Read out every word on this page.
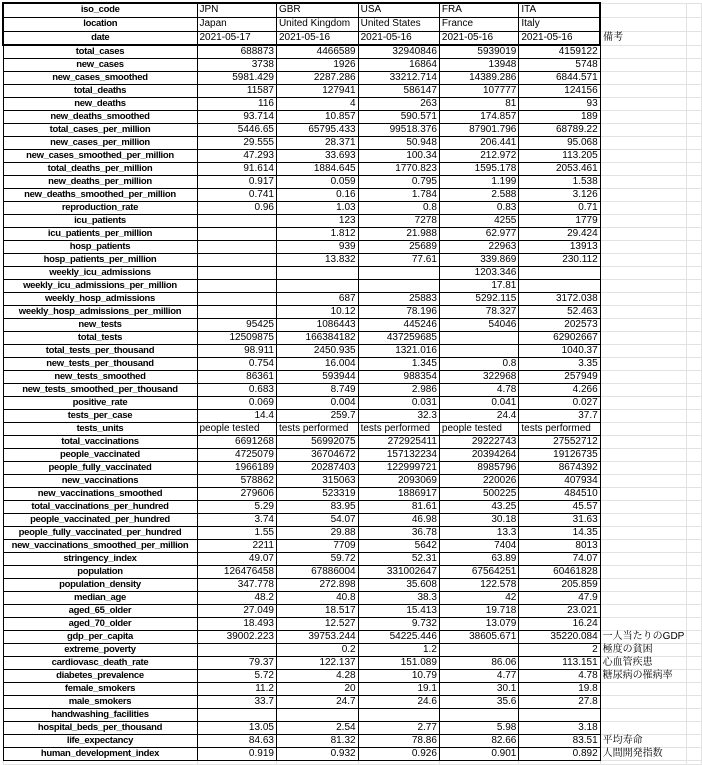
iso_code	JPN	GBR	USA	FRA	ITA		
location	Japan	United Kingdom	United States	France	Italy		
date	2021-05-17	2021-05-16	2021-05-16	2021-05-16	2021-05-16	備考	
total_cases	688873	4466589	32940846	5939019	4159122		
new_cases	3738	1926	16864	13948	5748		
new_cases_smoothed	5981.429	2287.286	33212.714	14389.286	6844.571		
total_deaths	11587	127941	586147	107777	124156		
new_deaths	116	4	263	81	93		
new_deaths_smoothed	93.714	10.857	590.571	174.857	189		
total_cases_per_million	5446.65	65795.433	99518.376	87901.796	68789.22		
new_cases_per_million	29.555	28.371	50.948	206.441	95.068		
new_cases_smoothed_per_million	47.293	33.693	100.34	212.972	113.205		
total_deaths_per_million	91.614	1884.645	1770.823	1595.178	2053.461		
new_deaths_per_million	0.917	0.059	0.795	1.199	1.538		
new_deaths_smoothed_per_million	0.741	0.16	1.784	2.588	3.126		
reproduction_rate	0.96	1.03	0.8	0.83	0.71		
icu_patients		123	7278	4255	1779		
icu_patients_per_million		1.812	21.988	62.977	29.424		
hosp_patients		939	25689	22963	13913		
hosp_patients_per_million		13.832	77.61	339.869	230.112		
weekly_icu_admissions				1203.346			
weekly_icu_admissions_per_million				17.81			
weekly_hosp_admissions		687	25883	5292.115	3172.038		
weekly_hosp_admissions_per_million		10.12	78.196	78.327	52.463		
new_tests	95425	1086443	445246	54046	202573		
total_tests	12509875	166384182	437259685		62902667		
total_tests_per_thousand	98.911	2450.935	1321.016		1040.37		
new_tests_per_thousand	0.754	16.004	1.345	0.8	3.35		
new_tests_smoothed	86361	593944	988354	322968	257949		
new_tests_smoothed_per_thousand	0.683	8.749	2.986	4.78	4.266		
positive_rate	0.069	0.004	0.031	0.041	0.027		
tests_per_case	14.4	259.7	32.3	24.4	37.7		
tests_units	people tested	tests performed	tests performed	people tested	tests performed		
total_vaccinations	6691268	56992075	272925411	29222743	27552712		
people_vaccinated	4725079	36704672	157132234	20394264	19126735		
people_fully_vaccinated	1966189	20287403	122999721	8985796	8674392		
new_vaccinations	578862	315063	2093069	220026	407934		
new_vaccinations_smoothed	279606	523319	1886917	500225	484510		
total_vaccinations_per_hundred	5.29	83.95	81.61	43.25	45.57		
people_vaccinated_per_hundred	3.74	54.07	46.98	30.18	31.63		
people_fully_vaccinated_per_hundred	1.55	29.88	36.78	13.3	14.35		
new_vaccinations_smoothed_per_million	2211	7709	5642	7404	8013		
stringency_index	49.07	59.72	52.31	63.89	74.07		
population	126476458	67886004	331002647	67564251	60461828		
population_density	347.778	272.898	35.608	122.578	205.859		
median_age	48.2	40.8	38.3	42	47.9		
aged_65_older	27.049	18.517	15.413	19.718	23.021		
aged_70_older	18.493	12.527	9.732	13.079	16.24		
gdp_per_capita	39002.223	39753.244	54225.446	38605.671	35220.084	一人当たりのGDP	
extreme_poverty		0.2	1.2		2	極度の貧困	
cardiovasc_death_rate	79.37	122.137	151.089	86.06	113.151	心血管疾患	
diabetes_prevalence	5.72	4.28	10.79	4.77	4.78	糖尿病の罹病率	
female_smokers	11.2	20	19.1	30.1	19.8		
male_smokers	33.7	24.7	24.6	35.6	27.8		
handwashing_facilities							
hospital_beds_per_thousand	13.05	2.54	2.77	5.98	3.18		
life_expectancy	84.63	81.32	78.86	82.66	83.51	平均寿命	
human_development_index	0.919	0.932	0.926	0.901	0.892	人間開発指数	
